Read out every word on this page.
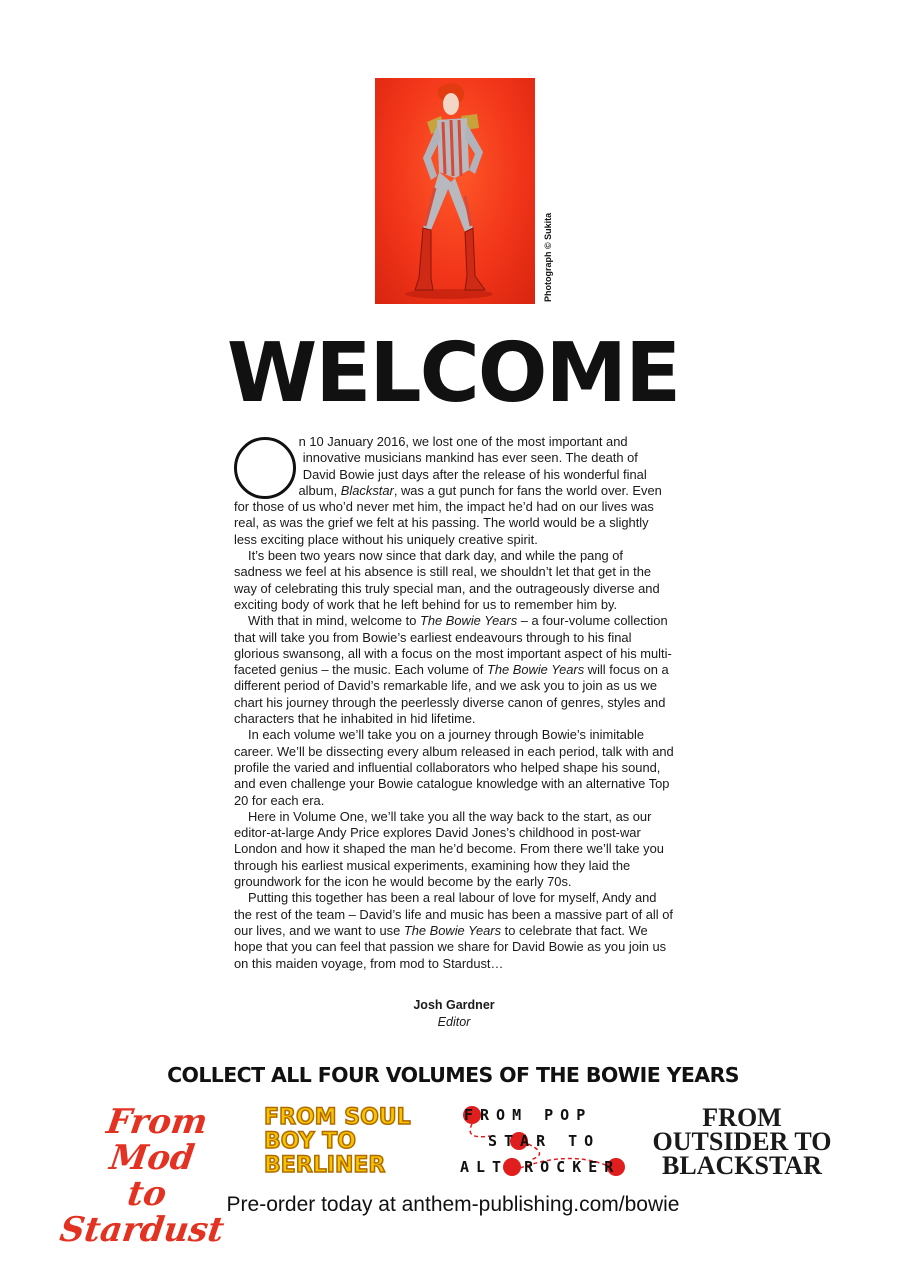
Photograph © Sukita
WELCOME

n 10 January 2016, we lost one of the most important and innovative musicians mankind has ever seen. The death of David Bowie just days after the release of his wonderful final album, Blackstar, was a gut punch for fans the world over. Even for those of us who’d never met him, the impact he’d had on our lives was real, as was the grief we felt at his passing. The world would be a slightly less exciting place without his uniquely creative spirit.

It’s been two years now since that dark day, and while the pang of sadness we feel at his absence is still real, we shouldn’t let that get in the way of celebrating this truly special man, and the outrageously diverse and exciting body of work that he left behind for us to remember him by.

With that in mind, welcome to The Bowie Years – a four-volume collection that will take you from Bowie’s earliest endeavours through to his final glorious swansong, all with a focus on the most important aspect of his multi-faceted genius – the music. Each volume of The Bowie Years will focus on a different period of David’s remarkable life, and we ask you to join as us we chart his journey through the peerlessly diverse canon of genres, styles and characters that he inhabited in hid lifetime.

In each volume we’ll take you on a journey through Bowie’s inimitable career. We’ll be dissecting every album released in each period, talk with and profile the varied and influential collaborators who helped shape his sound, and even challenge your Bowie catalogue knowledge with an alternative Top 20 for each era.

Here in Volume One, we’ll take you all the way back to the start, as our editor-at-large Andy Price explores David Jones’s childhood in post-war London and how it shaped the man he’d become. From there we’ll take you through his earliest musical experiments, examining how they laid the groundwork for the icon he would become by the early 70s.

Putting this together has been a real labour of love for myself, Andy and the rest of the team – David’s life and music has been a massive part of all of our lives, and we want to use The Bowie Years to celebrate that fact. We hope that you can feel that passion we share for David Bowie as you join us on this maiden voyage, from mod to Stardust…

Josh Gardner
Editor
COLLECT ALL FOUR VOLUMES OF THE BOWIE YEARS
From Mod
to Stardust
FROM SOUL
BOY TO
BERLINER
FROM POP
STAR TO
ALT ROCKER
FROM
OUTSIDER TO
BLACKSTAR
Pre-order today at anthem-publishing.com/bowie
